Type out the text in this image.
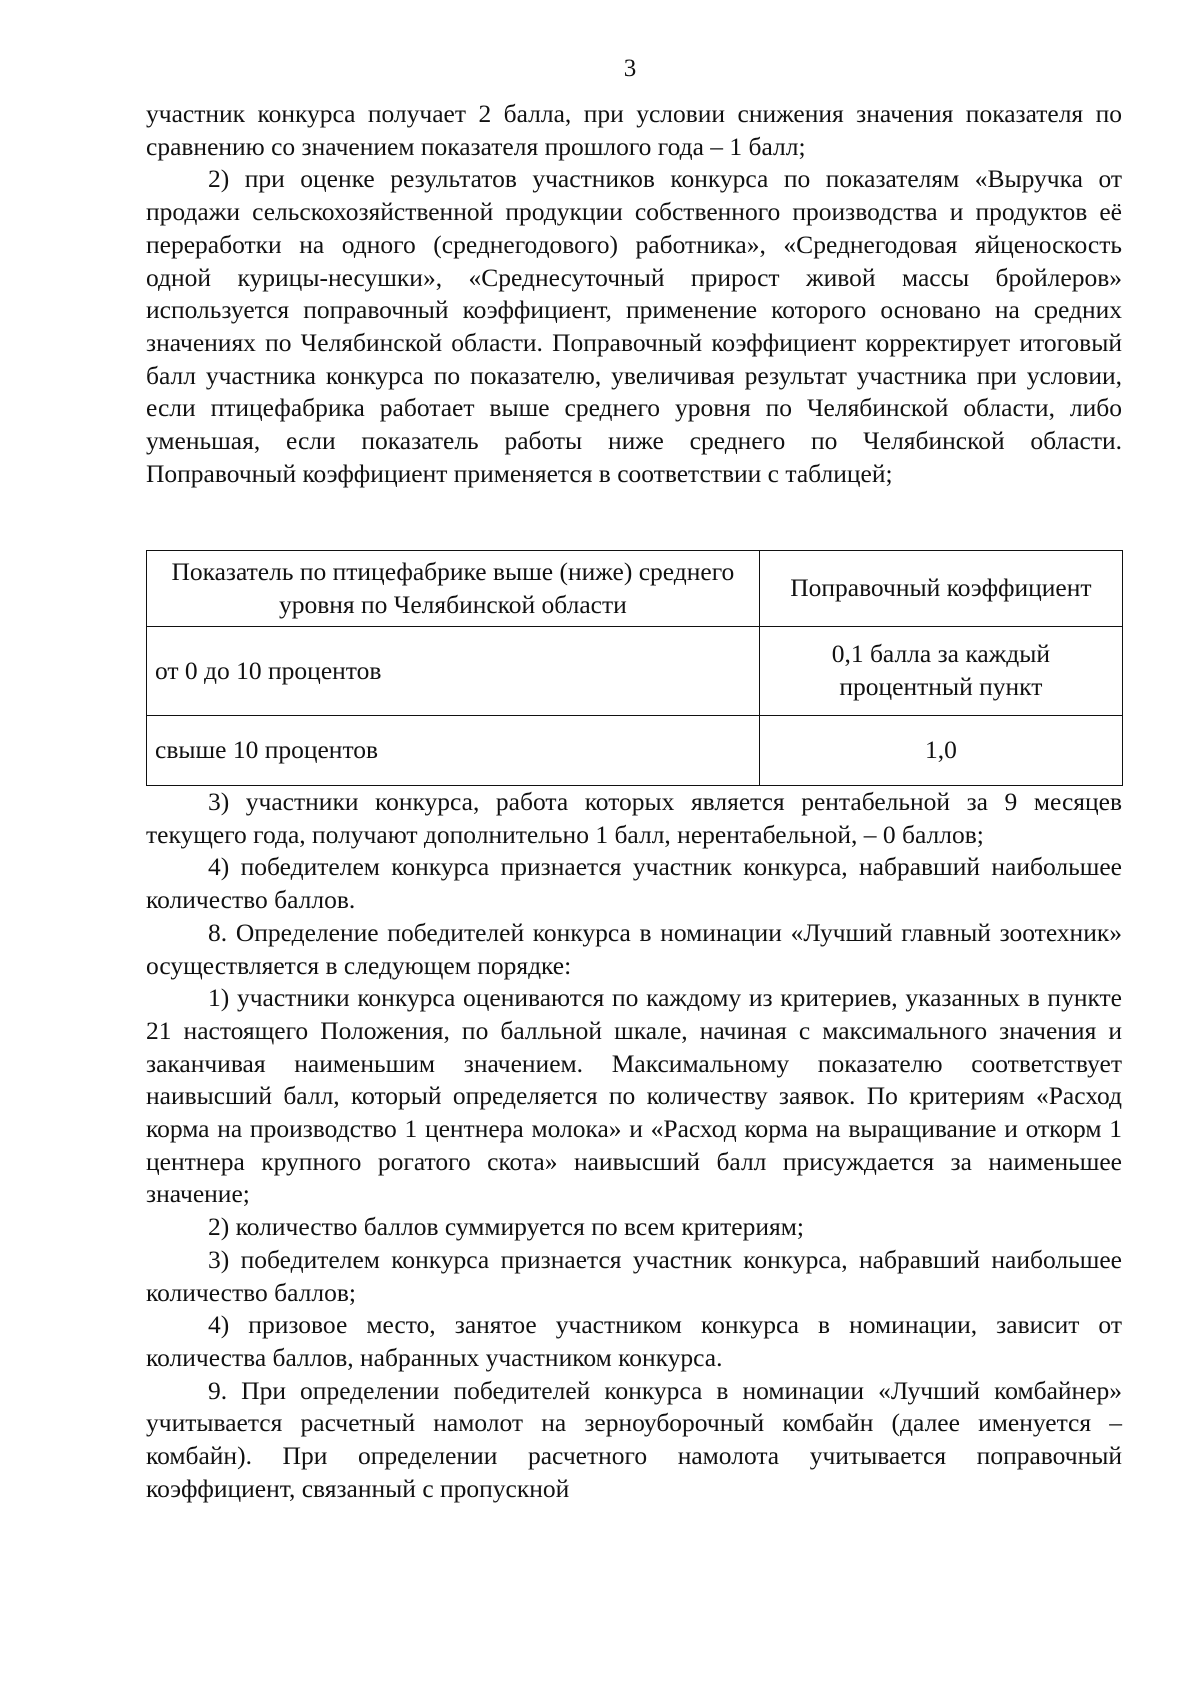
3

участник конкурса получает 2 балла, при условии снижения значения показателя по сравнению со значением показателя прошлого года – 1 балл;

2) при оценке результатов участников конкурса по показателям «Выручка от продажи сельскохозяйственной продукции собственного производства и продуктов её переработки на одного (среднегодового) работника», «Среднегодовая яйценоскость одной курицы-несушки», «Среднесуточный прирост живой массы бройлеров» используется поправочный коэффициент, применение которого основано на средних значениях по Челябинской области. Поправочный коэффициент корректирует итоговый балл участника конкурса по показателю, увеличивая результат участника при условии, если птицефабрика работает выше среднего уровня по Челябинской области, либо уменьшая, если показатель работы ниже среднего по Челябинской области. Поправочный коэффициент применяется в соответствии с таблицей;

Показатель по птицефабрике выше (ниже) среднего уровня по Челябинской области	Поправочный коэффициент
от 0 до 10 процентов	0,1 балла за каждый процентный пункт
свыше 10 процентов	1,0

3) участники конкурса, работа которых является рентабельной за 9 месяцев текущего года, получают дополнительно 1 балл, нерентабельной, – 0 баллов;

4) победителем конкурса признается участник конкурса, набравший наибольшее количество баллов.

8. Определение победителей конкурса в номинации «Лучший главный зоотехник» осуществляется в следующем порядке:

1) участники конкурса оцениваются по каждому из критериев, указанных в пункте 21 настоящего Положения, по балльной шкале, начиная с максимального значения и заканчивая наименьшим значением. Максимальному показателю соответствует наивысший балл, который определяется по количеству заявок. По критериям «Расход корма на производство 1 центнера молока» и «Расход корма на выращивание и откорм 1 центнера крупного рогатого скота» наивысший балл присуждается за наименьшее значение;

2) количество баллов суммируется по всем критериям;

3) победителем конкурса признается участник конкурса, набравший наибольшее количество баллов;

4) призовое место, занятое участником конкурса в номинации, зависит от количества баллов, набранных участником конкурса.

9. При определении победителей конкурса в номинации «Лучший комбайнер» учитывается расчетный намолот на зерноуборочный комбайн (далее именуется – комбайн). При определении расчетного намолота учитывается поправочный коэффициент, связанный с пропускной
